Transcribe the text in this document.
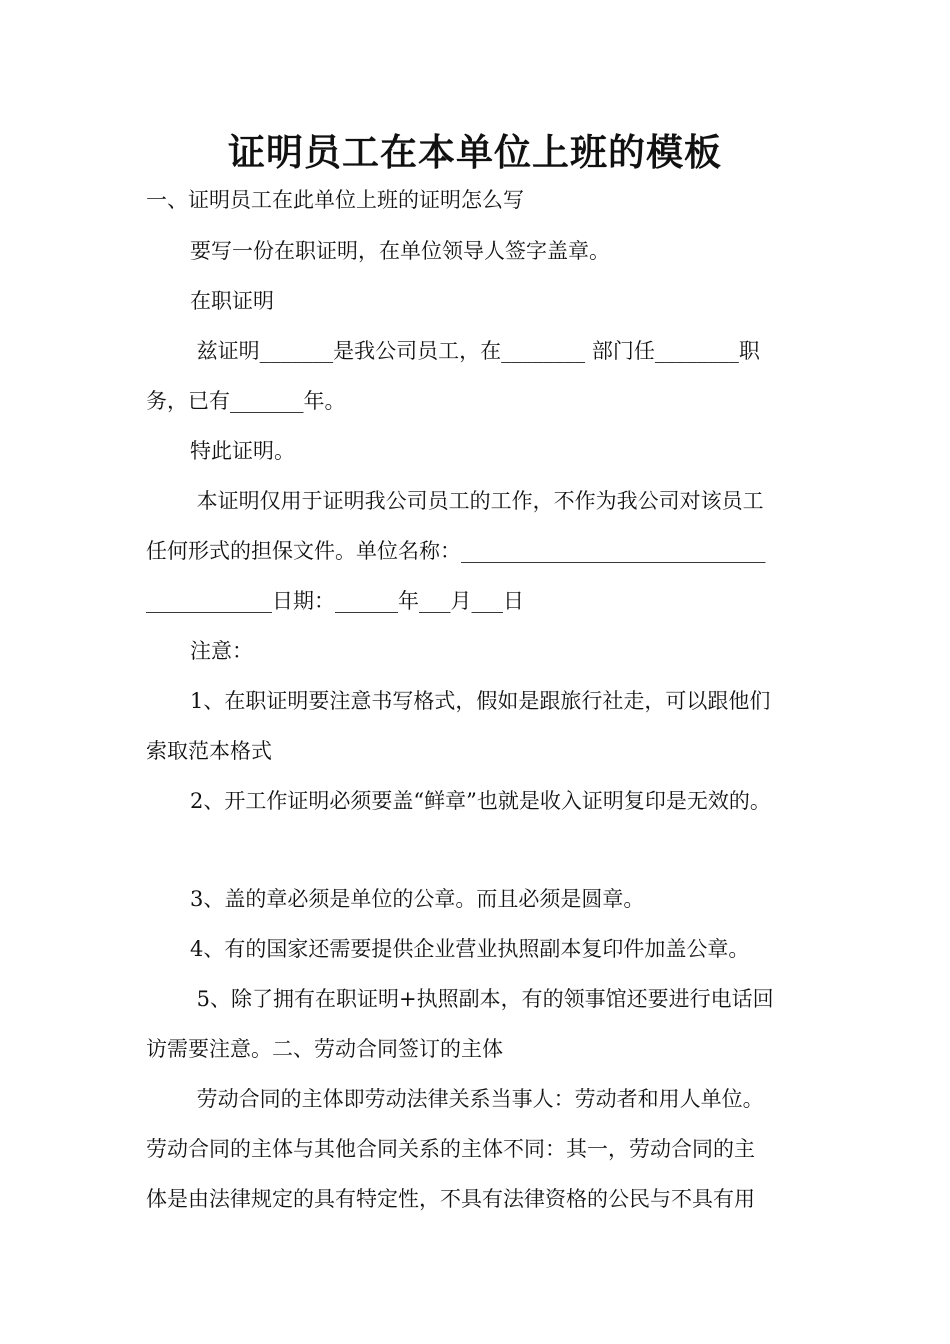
证明员工在本单位上班的模板

一、证明员工在此单位上班的证明怎么写

要写一份在职证明，在单位领导人签字盖章。

在职证明

兹证明_______是我公司员工，在________ 部门任________职

务，已有_______年。

特此证明。

本证明仅用于证明我公司员工的工作，不作为我公司对该员工

任何形式的担保文件。单位名称：_____________________________

____________日期：______年___月___日

注意：

1、在职证明要注意书写格式，假如是跟旅行社走，可以跟他们

索取范本格式

2、开工作证明必须要盖“鲜章”也就是收入证明复印是无效的。

3、盖的章必须是单位的公章。而且必须是圆章。

4、有的国家还需要提供企业营业执照副本复印件加盖公章。

5、除了拥有在职证明+执照副本，有的领事馆还要进行电话回

访需要注意。二、劳动合同签订的主体

劳动合同的主体即劳动法律关系当事人：劳动者和用人单位。

劳动合同的主体与其他合同关系的主体不同：其一，劳动合同的主

体是由法律规定的具有特定性，不具有法律资格的公民与不具有用
